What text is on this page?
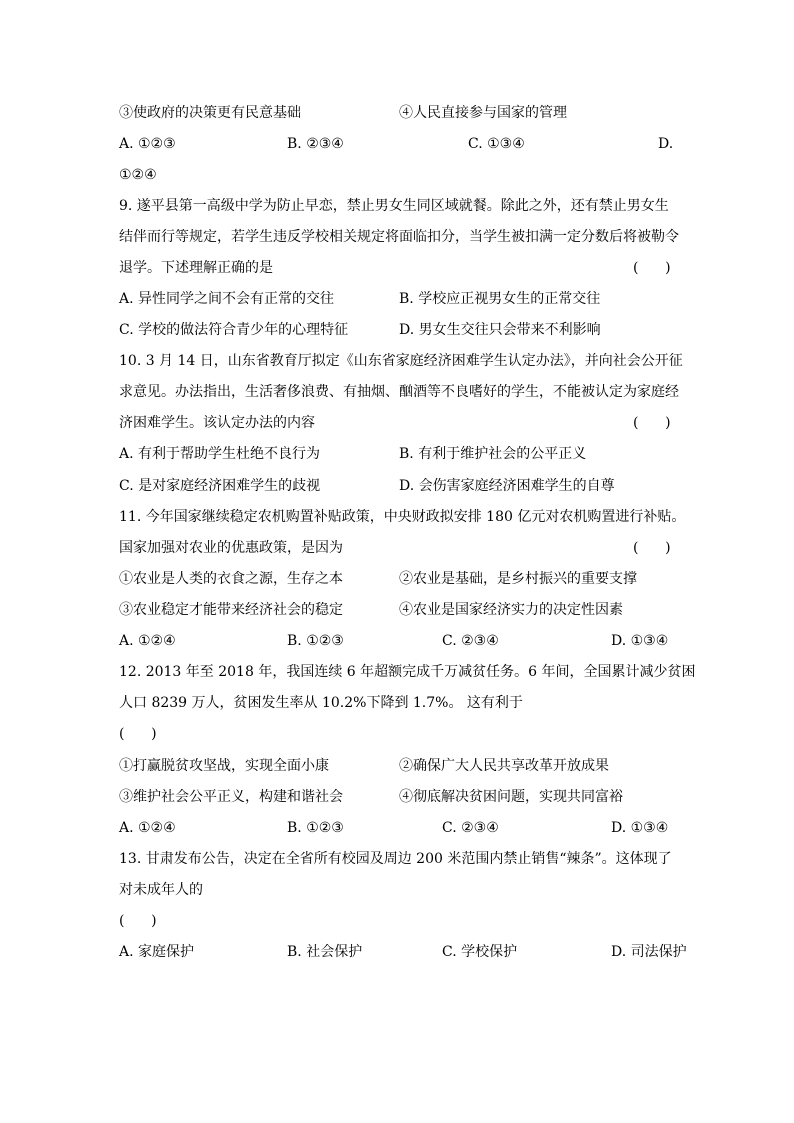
③使政府的决策更有民意基础	④人民直接参与国家的管理
A. ①②③	B. ②③④	C. ①③④	D.
①②④
9. 遂平县第一高级中学为防止早恋，禁止男女生同区域就餐。除此之外，还有禁止男女生
结伴而行等规定，若学生违反学校相关规定将面临扣分，当学生被扣满一定分数后将被勒令
退学。下述理解正确的是	(      )
A. 异性同学之间不会有正常的交往	B. 学校应正视男女生的正常交往
C. 学校的做法符合青少年的心理特征	D. 男女生交往只会带来不利影响
10. 3 月 14 日，山东省教育厅拟定《山东省家庭经济困难学生认定办法》，并向社会公开征
求意见。办法指出，生活奢侈浪费、有抽烟、酗酒等不良嗜好的学生，不能被认定为家庭经
济困难学生。该认定办法的内容	(      )
A. 有利于帮助学生杜绝不良行为	B. 有利于维护社会的公平正义
C. 是对家庭经济困难学生的歧视	D. 会伤害家庭经济困难学生的自尊
11. 今年国家继续稳定农机购置补贴政策，中央财政拟安排 180 亿元对农机购置进行补贴。
国家加强对农业的优惠政策，是因为	(      )
①农业是人类的衣食之源，生存之本	②农业是基础，是乡村振兴的重要支撑
③农业稳定才能带来经济社会的稳定	④农业是国家经济实力的决定性因素
A. ①②④	B. ①②③	C. ②③④	D. ①③④
12. 2013 年至 2018 年，我国连续 6 年超额完成千万减贫任务。6 年间，全国累计减少贫困
人口 8239 万人，贫困发生率从 10.2%下降到 1.7%。 这有利于
(      )
①打赢脱贫攻坚战，实现全面小康	②确保广大人民共享改革开放成果
③维护社会公平正义，构建和谐社会	④彻底解决贫困问题，实现共同富裕
A. ①②④	B. ①②③	C. ②③④	D. ①③④
13. 甘肃发布公告，决定在全省所有校园及周边 200 米范围内禁止销售“辣条”。这体现了
对未成年人的
(      )
A. 家庭保护	B. 社会保护	C. 学校保护	D. 司法保护
